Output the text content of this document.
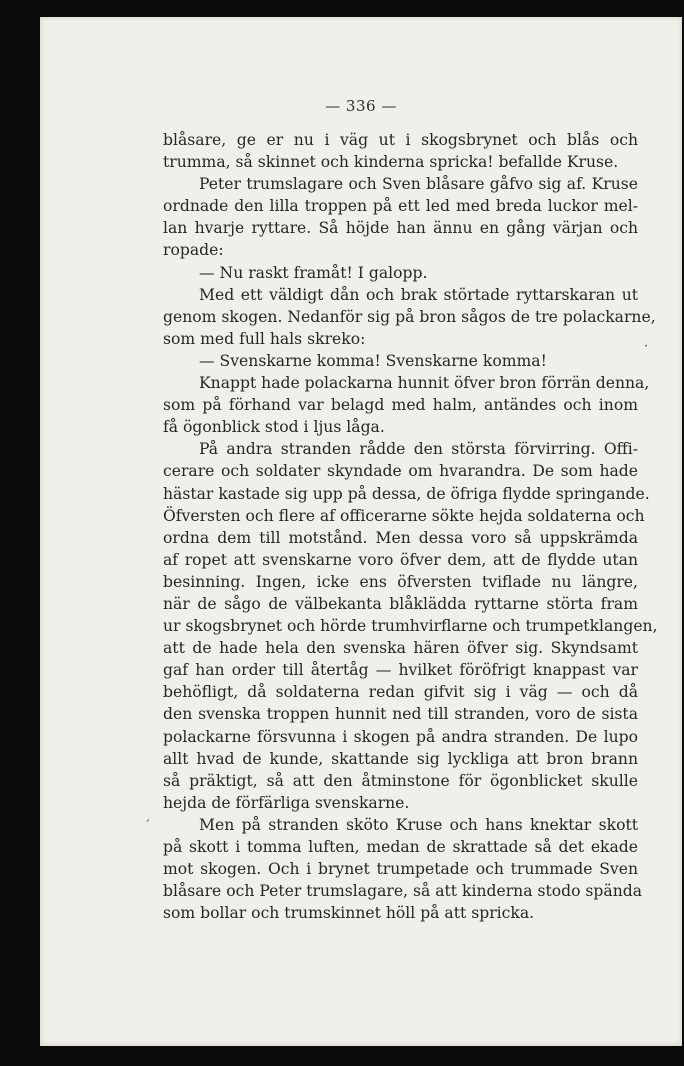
— 336 —
blåsare, ge er nu i väg ut i skogsbrynet och blås och
trumma, så skinnet och kinderna spricka! befallde Kruse.
Peter trumslagare och Sven blåsare gåfvo sig af. Kruse
ordnade den lilla troppen på ett led med breda luckor mel-
lan hvarje ryttare. Så höjde han ännu en gång värjan och
ropade:
— Nu raskt framåt! I galopp.
Med ett väldigt dån och brak störtade ryttarskaran ut
genom skogen. Nedanför sig på bron sågos de tre polackarne,
som med full hals skreko:
— Svenskarne komma! Svenskarne komma!
Knappt hade polackarna hunnit öfver bron förrän denna,
som på förhand var belagd med halm, antändes och inom
få ögonblick stod i ljus låga.
På andra stranden rådde den största förvirring. Offi-
cerare och soldater skyndade om hvarandra. De som hade
hästar kastade sig upp på dessa, de öfriga flydde springande.
Öfversten och flere af officerarne sökte hejda soldaterna och
ordna dem till motstånd. Men dessa voro så uppskrämda
af ropet att svenskarne voro öfver dem, att de flydde utan
besinning. Ingen, icke ens öfversten tviflade nu längre,
när de sågo de välbekanta blåklädda ryttarne störta fram
ur skogsbrynet och hörde trumhvirflarne och trumpetklangen,
att de hade hela den svenska hären öfver sig. Skyndsamt
gaf han order till återtåg — hvilket föröfrigt knappast var
behöfligt, då soldaterna redan gifvit sig i väg — och då
den svenska troppen hunnit ned till stranden, voro de sista
polackarne försvunna i skogen på andra stranden. De lupo
allt hvad de kunde, skattande sig lyckliga att bron brann
så präktigt, så att den åtminstone för ögonblicket skulle
hejda de förfärliga svenskarne.
Men på stranden sköto Kruse och hans knektar skott
på skott i tomma luften, medan de skrattade så det ekade
mot skogen. Och i brynet trumpetade och trummade Sven
blåsare och Peter trumslagare, så att kinderna stodo spända
som bollar och trumskinnet höll på att spricka.
·
ˊ
